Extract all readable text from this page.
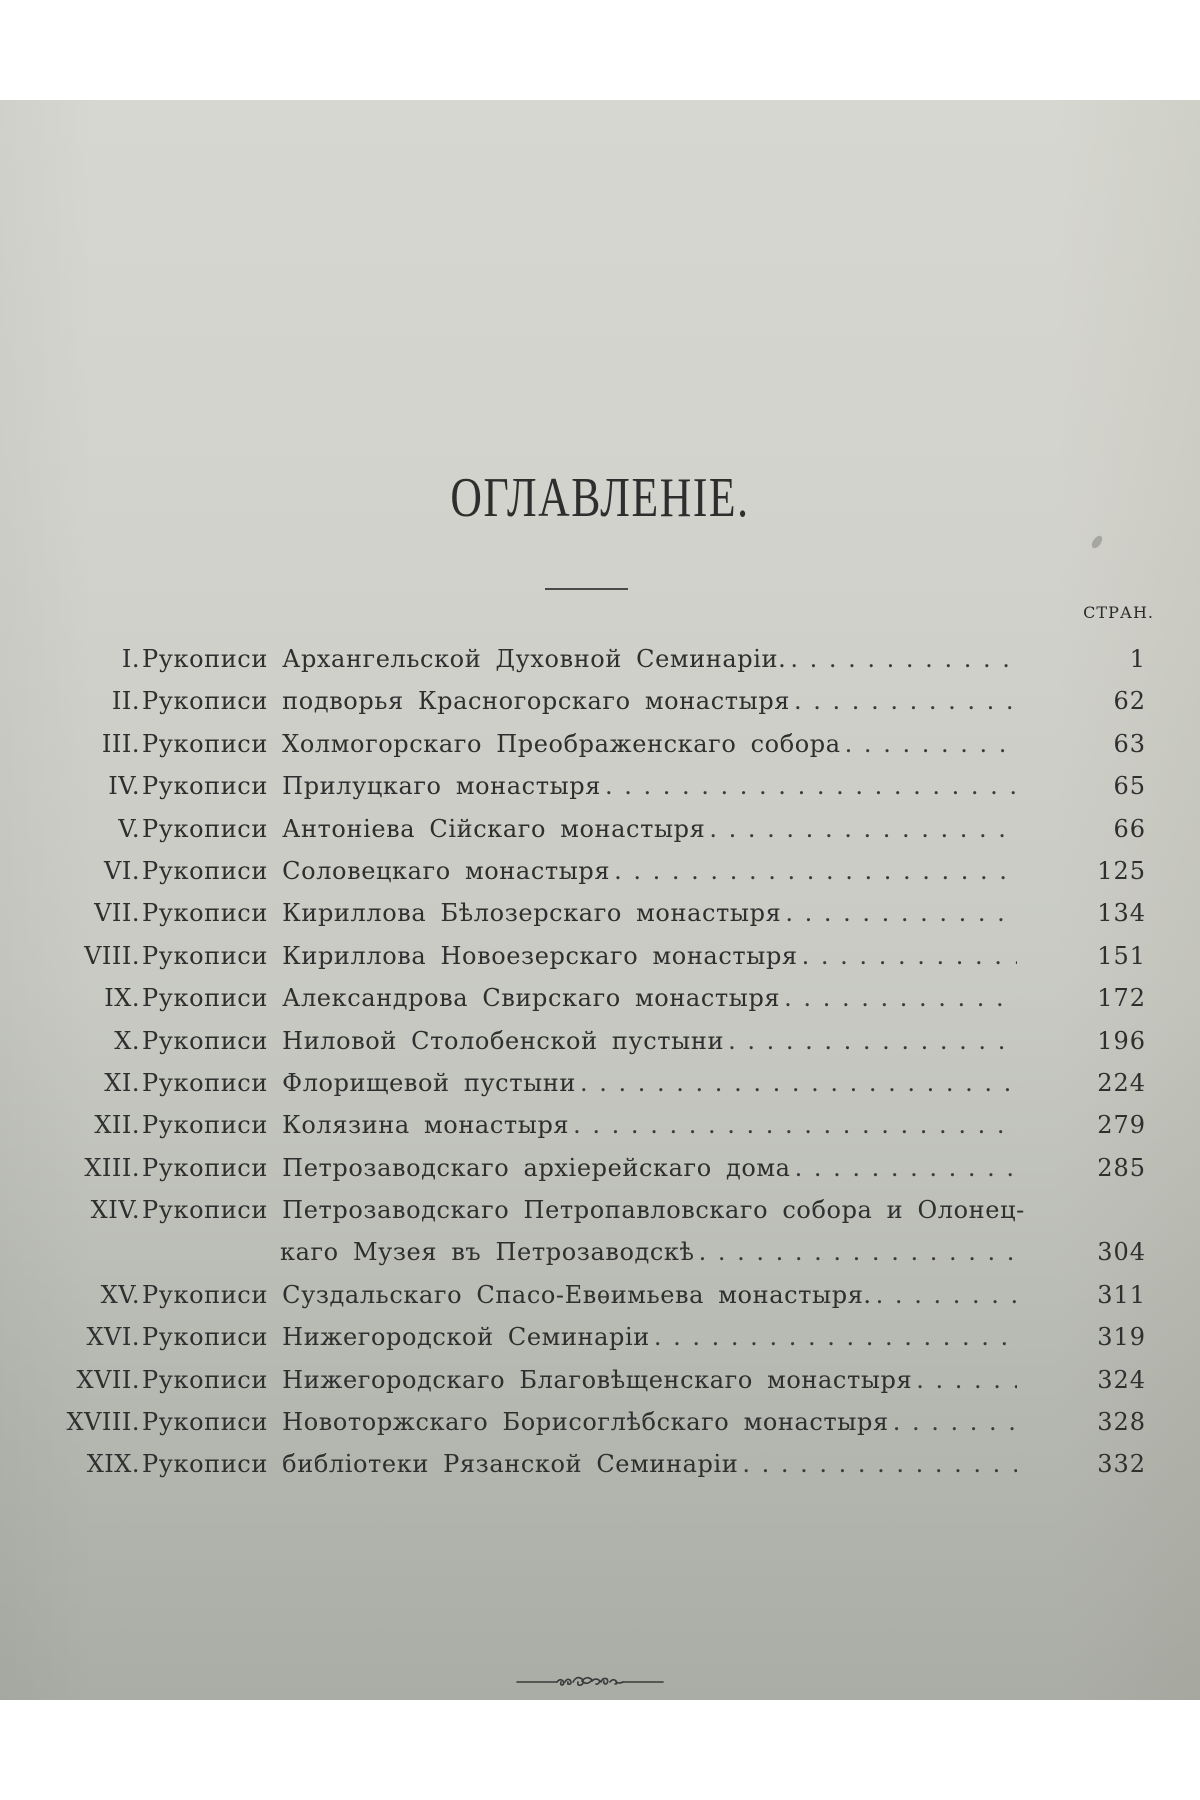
ОГЛАВЛЕНІЕ.
СТРАН.
I. Рукописи Архангельской Духовной Семинаріи. . . .	1
II. Рукописи подворья Красногорскаго монастыря . . .	62
III. Рукописи Холмогорскаго Преображенскаго собора . . .	63
IV. Рукописи Прилуцкаго монастыря . . .	65
V. Рукописи Антоніева Сійскаго монастыря . . .	66
VI. Рукописи Соловецкаго монастыря . . .	125
VII. Рукописи Кириллова Бѣлозерскаго монастыря . . .	134
VIII. Рукописи Кириллова Новоезерскаго монастыря . . .	151
IX. Рукописи Александрова Свирскаго монастыря . . .	172
X. Рукописи Ниловой Столобенской пустыни . . .	196
XI. Рукописи Флорищевой пустыни . . .	224
XII. Рукописи Колязина монастыря . . .	279
XIII. Рукописи Петрозаводскаго архіерейскаго дома . . .	285
XIV. Рукописи Петрозаводскаго Петропавловскаго собора и Олонец-
каго Музея въ Петрозаводскѣ . . .	304
XV. Рукописи Суздальскаго Спасо-Евѳимьева монастыря. . . .	311
XVI. Рукописи Нижегородской Семинаріи . . .	319
XVII. Рукописи Нижегородскаго Благовѣщенскаго монастыря . . .	324
XVIII. Рукописи Новоторжскаго Борисоглѣбскаго монастыря . . .	328
XIX. Рукописи библіотеки Рязанской Семинаріи . . .	332
